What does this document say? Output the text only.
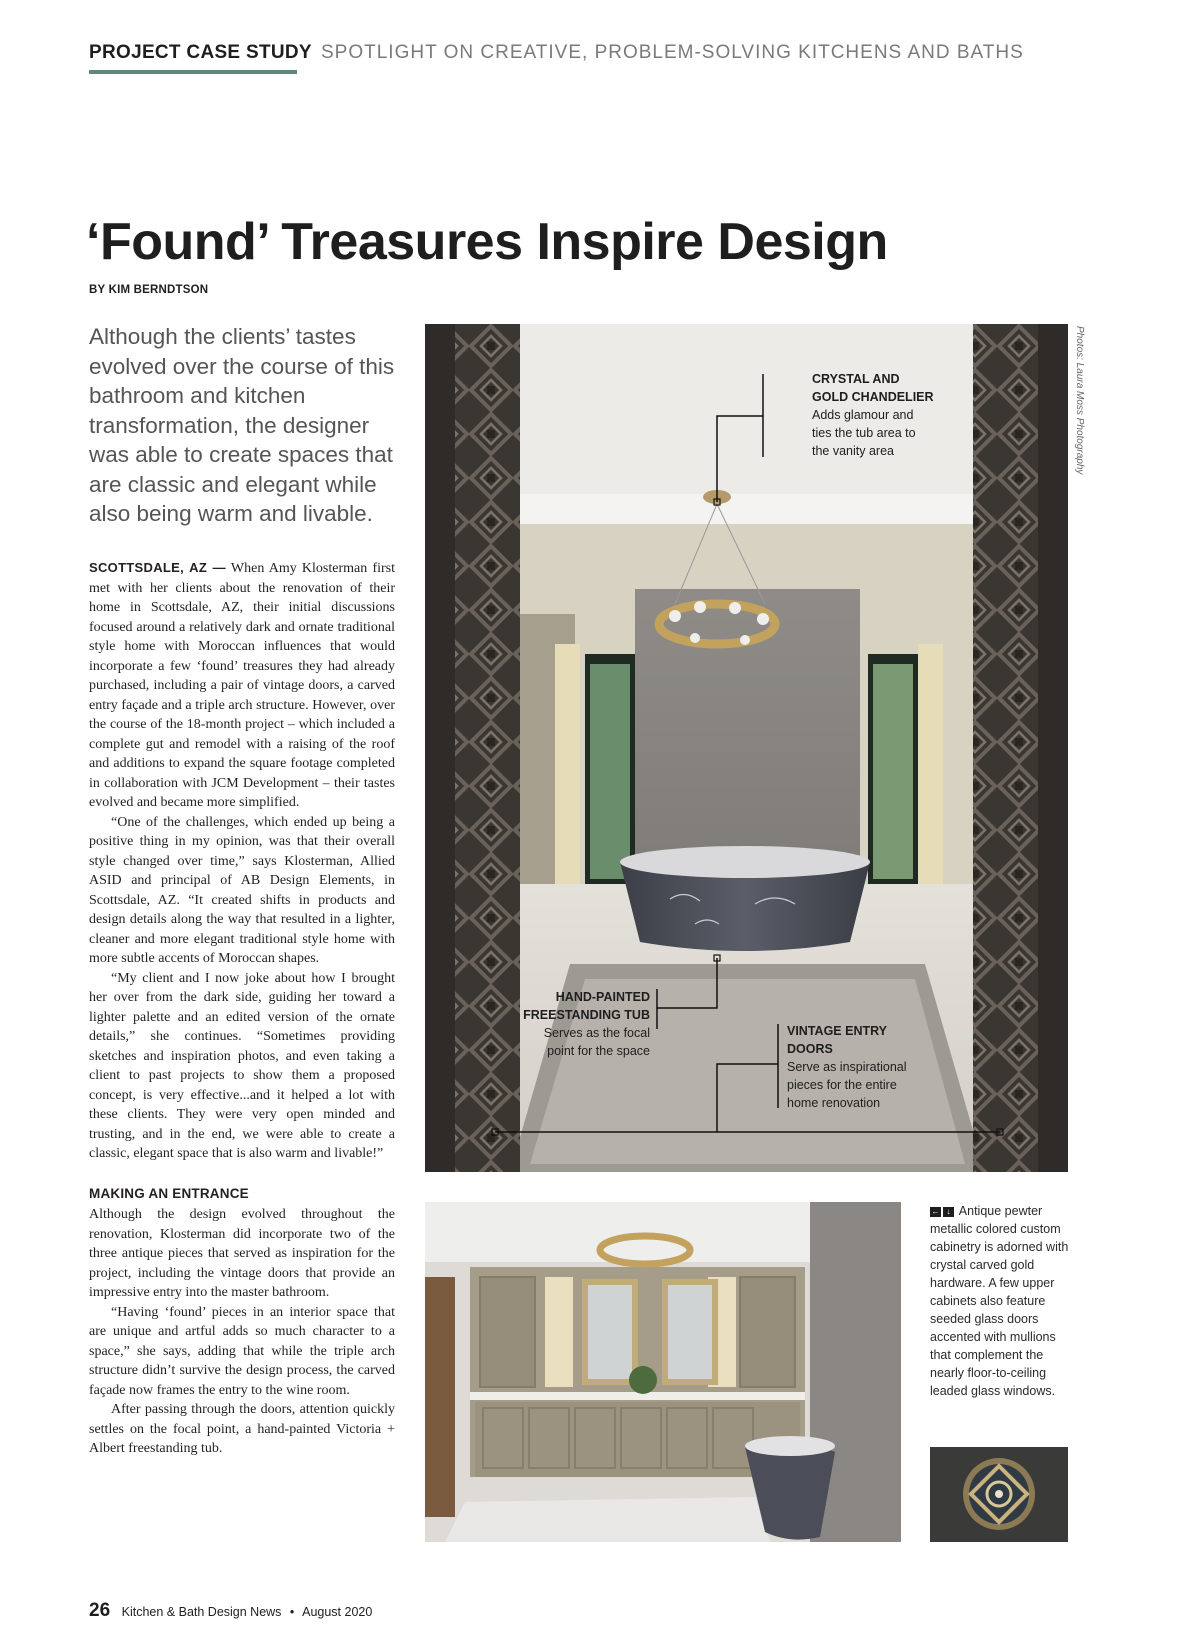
PROJECT CASE STUDY SPOTLIGHT ON CREATIVE, PROBLEM-SOLVING KITCHENS AND BATHS
‘Found’ Treasures Inspire Design
BY KIM BERNDTSON
Although the clients’ tastes evolved over the course of this bathroom and kitchen transformation, the designer was able to create spaces that are classic and elegant while also being warm and livable.

SCOTTSDALE, AZ — When Amy Klosterman first met with her clients about the renovation of their home in Scottsdale, AZ, their initial discussions focused around a relatively dark and ornate traditional style home with Moroccan influences that would incorporate a few ‘found’ treasures they had already purchased, including a pair of vintage doors, a carved entry façade and a triple arch structure. However, over the course of the 18-month project – which included a complete gut and remodel with a raising of the roof and additions to expand the square footage completed in collaboration with JCM Development – their tastes evolved and became more simplified.

“One of the challenges, which ended up being a positive thing in my opinion, was that their overall style changed over time,” says Klosterman, Allied ASID and principal of AB Design Elements, in Scottsdale, AZ. “It created shifts in products and design details along the way that resulted in a lighter, cleaner and more elegant traditional style home with more subtle accents of Moroccan shapes.

“My client and I now joke about how I brought her over from the dark side, guiding her toward a lighter palette and an edited version of the ornate details,” she continues. “Sometimes providing sketches and inspiration photos, and even taking a client to past projects to show them a proposed concept, is very effective...and it helped a lot with these clients. They were very open minded and trusting, and in the end, we were able to create a classic, elegant space that is also warm and livable!”

MAKING AN ENTRANCE

Although the design evolved throughout the renovation, Klosterman did incorporate two of the three antique pieces that served as inspiration for the project, including the vintage doors that provide an impressive entry into the master bathroom.

“Having ‘found’ pieces in an interior space that are unique and artful adds so much character to a space,” she says, adding that while the triple arch structure didn’t survive the design process, the carved façade now frames the entry to the wine room.

After passing through the doors, attention quickly settles on the focal point, a hand-painted Victoria + Albert freestanding tub.

CRYSTAL AND
GOLD CHANDELIER
Adds glamour and
ties the tub area to
the vanity area
HAND-PAINTED
FREESTANDING TUB
Serves as the focal
point for the space
VINTAGE ENTRY
DOORS
Serve as inspirational
pieces for the entire
home renovation
Photos: Laura Moss Photography
← ↓ Antique pewter metallic colored custom cabinetry is adorned with crystal carved gold hardware. A few upper cabinets also feature seeded glass doors accented with mullions that complement the nearly floor-to-ceiling leaded glass windows.
26 Kitchen & Bath Design News • August 2020
